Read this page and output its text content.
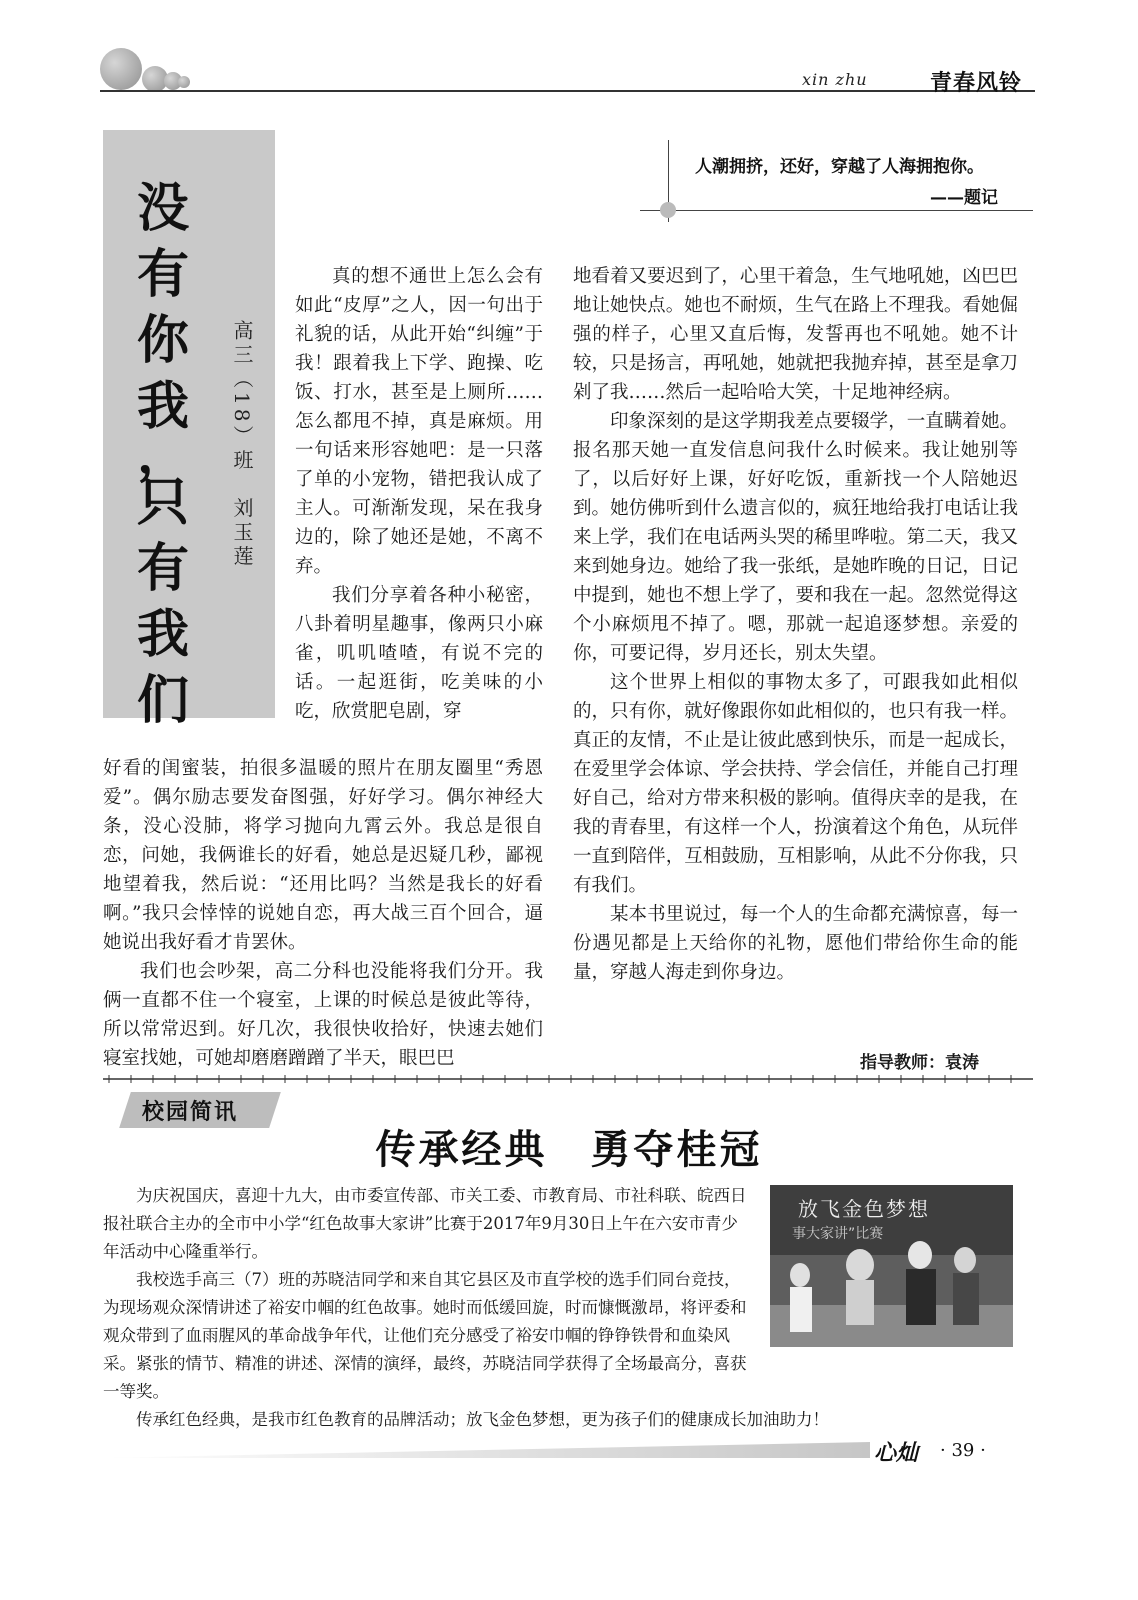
xin zhu	青春风铃
没
有
你
我
，
只
有
我
们
高三（18）班　刘玉莲
人潮拥挤，还好，穿越了人海拥抱你。
——题记

真的想不通世上怎么会有如此“皮厚”之人，因一句出于礼貌的话，从此开始“纠缠”于我！跟着我上下学、跑操、吃饭、打水，甚至是上厕所……怎么都甩不掉，真是麻烦。用一句话来形容她吧：是一只落了单的小宠物，错把我认成了主人。可渐渐发现，呆在我身边的，除了她还是她，不离不弃。

我们分享着各种小秘密，八卦着明星趣事，像两只小麻雀，叽叽喳喳，有说不完的话。一起逛街，吃美味的小吃，欣赏肥皂剧，穿

好看的闺蜜装，拍很多温暖的照片在朋友圈里“秀恩爱”。偶尔励志要发奋图强，好好学习。偶尔神经大条，没心没肺，将学习抛向九霄云外。我总是很自恋，问她，我俩谁长的好看，她总是迟疑几秒，鄙视地望着我，然后说：“还用比吗？当然是我长的好看啊。”我只会悻悻的说她自恋，再大战三百个回合，逼她说出我好看才肯罢休。

我们也会吵架，高二分科也没能将我们分开。我俩一直都不住一个寝室，上课的时候总是彼此等待，所以常常迟到。好几次，我很快收拾好，快速去她们寝室找她，可她却磨磨蹭蹭了半天，眼巴巴

地看着又要迟到了，心里干着急，生气地吼她，凶巴巴地让她快点。她也不耐烦，生气在路上不理我。看她倔强的样子，心里又直后悔，发誓再也不吼她。她不计较，只是扬言，再吼她，她就把我抛弃掉，甚至是拿刀剁了我……然后一起哈哈大笑，十足地神经病。

印象深刻的是这学期我差点要辍学，一直瞒着她。报名那天她一直发信息问我什么时候来。我让她别等了，以后好好上课，好好吃饭，重新找一个人陪她迟到。她仿佛听到什么遗言似的，疯狂地给我打电话让我来上学，我们在电话两头哭的稀里哗啦。第二天，我又来到她身边。她给了我一张纸，是她昨晚的日记，日记中提到，她也不想上学了，要和我在一起。忽然觉得这个小麻烦甩不掉了。嗯，那就一起追逐梦想。亲爱的你，可要记得，岁月还长，别太失望。

这个世界上相似的事物太多了，可跟我如此相似的，只有你，就好像跟你如此相似的，也只有我一样。真正的友情，不止是让彼此感到快乐，而是一起成长，在爱里学会体谅、学会扶持、学会信任，并能自己打理好自己，给对方带来积极的影响。值得庆幸的是我，在我的青春里，有这样一个人，扮演着这个角色，从玩伴一直到陪伴，互相鼓励，互相影响，从此不分你我，只有我们。

某本书里说过，每一个人的生命都充满惊喜，每一份遇见都是上天给你的礼物，愿他们带给你生命的能量，穿越人海走到你身边。

指导教师：袁涛
校园简讯
传承经典　勇夺桂冠
放飞金色梦想
事大家讲”比赛

为庆祝国庆，喜迎十九大，由市委宣传部、市关工委、市教育局、市社科联、皖西日报社联合主办的全市中小学“红色故事大家讲”比赛于2017年9月30日上午在六安市青少年活动中心隆重举行。

我校选手高三（7）班的苏晓洁同学和来自其它县区及市直学校的选手们同台竞技，为现场观众深情讲述了裕安巾帼的红色故事。她时而低缓回旋，时而慷慨激昂，将评委和观众带到了血雨腥风的革命战争年代，让他们充分感受了裕安巾帼的铮铮铁骨和血染风采。紧张的情节、精准的讲述、深情的演绎，最终，苏晓洁同学获得了全场最高分，喜获一等奖。

传承红色经典，是我市红色教育的品牌活动；放飞金色梦想，更为孩子们的健康成长加油助力！

心灿 · 39 ·
